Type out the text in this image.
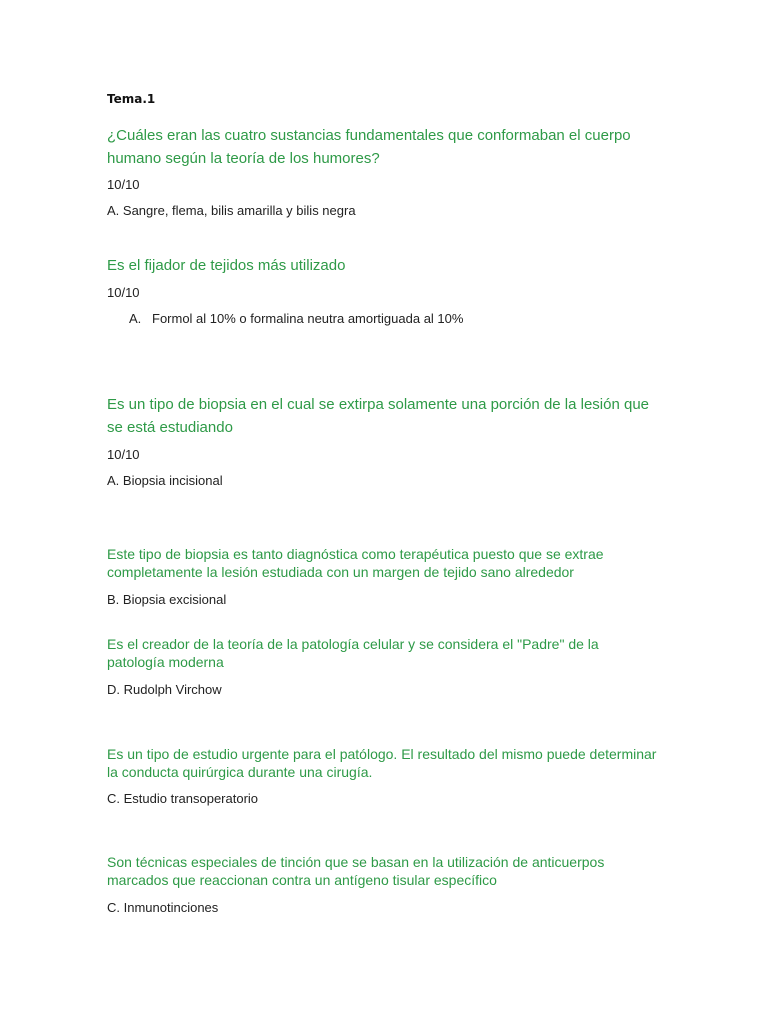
Tema.1
¿Cuáles eran las cuatro sustancias fundamentales que conformaban el cuerpo
humano según la teoría de los humores?
10/10
A. Sangre, flema, bilis amarilla y bilis negra
Es el fijador de tejidos más utilizado
10/10
A. Formol al 10% o formalina neutra amortiguada al 10%
Es un tipo de biopsia en el cual se extirpa solamente una porción de la lesión que
se está estudiando
10/10
A. Biopsia incisional
Este tipo de biopsia es tanto diagnóstica como terapéutica puesto que se extrae
completamente la lesión estudiada con un margen de tejido sano alrededor
B. Biopsia excisional
Es el creador de la teoría de la patología celular y se considera el "Padre" de la
patología moderna
D. Rudolph Virchow
Es un tipo de estudio urgente para el patólogo. El resultado del mismo puede determinar
la conducta quirúrgica durante una cirugía.
C. Estudio transoperatorio
Son técnicas especiales de tinción que se basan en la utilización de anticuerpos
marcados que reaccionan contra un antígeno tisular específico
C. Inmunotinciones
